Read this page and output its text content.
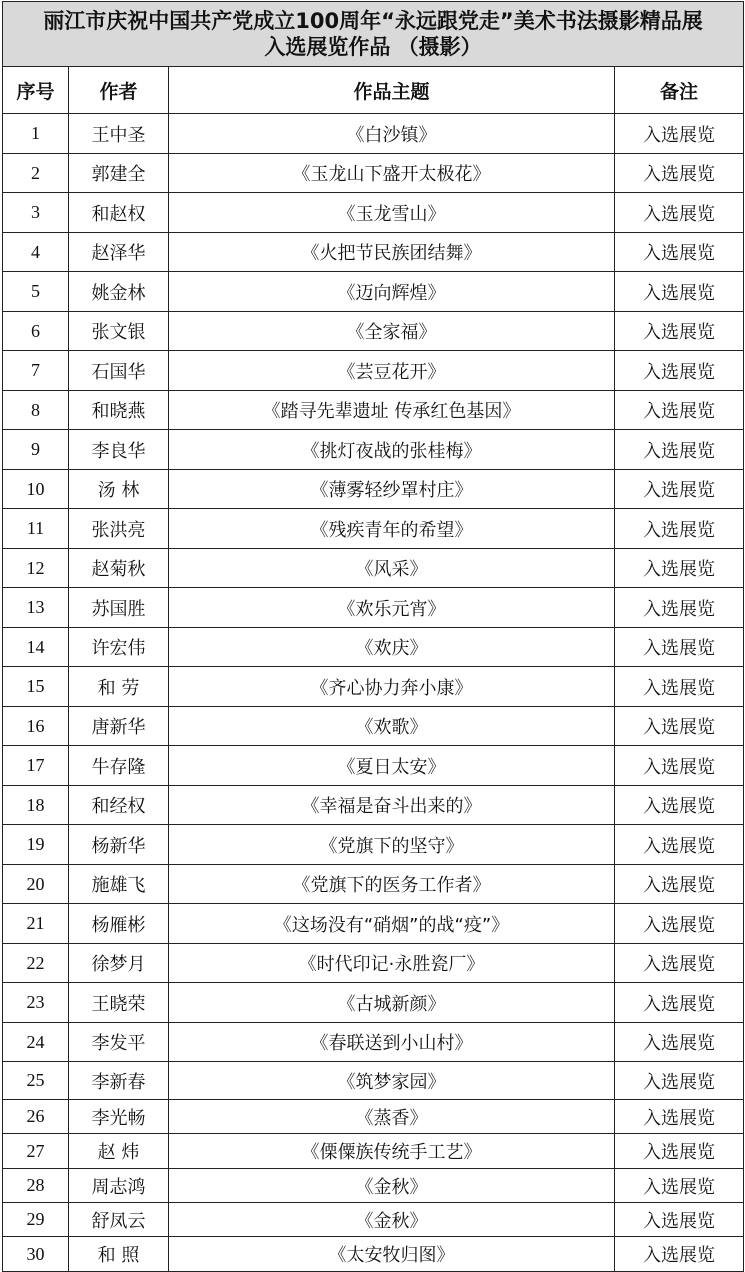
丽江市庆祝中国共产党成立100周年“永远跟党走”美术书法摄影精品展
入选展览作品 （摄影）			

序号	作者	作品主题	备注
1	王中圣	《白沙镇》	入选展览
2	郭建全	《玉龙山下盛开太极花》	入选展览
3	和赵权	《玉龙雪山》	入选展览
4	赵泽华	《火把节民族团结舞》	入选展览
5	姚金林	《迈向辉煌》	入选展览
6	张文银	《全家福》	入选展览
7	石国华	《芸豆花开》	入选展览
8	和晓燕	《踏寻先辈遗址 传承红色基因》	入选展览
9	李良华	《挑灯夜战的张桂梅》	入选展览
10	汤 林	《薄雾轻纱罩村庄》	入选展览
11	张洪亮	《残疾青年的希望》	入选展览
12	赵菊秋	《风采》	入选展览
13	苏国胜	《欢乐元宵》	入选展览
14	许宏伟	《欢庆》	入选展览
15	和 劳	《齐心协力奔小康》	入选展览
16	唐新华	《欢歌》	入选展览
17	牛存隆	《夏日太安》	入选展览
18	和经权	《幸福是奋斗出来的》	入选展览
19	杨新华	《党旗下的坚守》	入选展览
20	施雄飞	《党旗下的医务工作者》	入选展览
21	杨雁彬	《这场没有“硝烟”的战“疫”》	入选展览
22	徐梦月	《时代印记·永胜瓷厂》	入选展览
23	王晓荣	《古城新颜》	入选展览
24	李发平	《春联送到小山村》	入选展览
25	李新春	《筑梦家园》	入选展览
26	李光畅	《蒸香》	入选展览
27	赵 炜	《傈僳族传统手工艺》	入选展览
28	周志鸿	《金秋》	入选展览
29	舒凤云	《金秋》	入选展览
30	和 照	《太安牧归图》	入选展览
